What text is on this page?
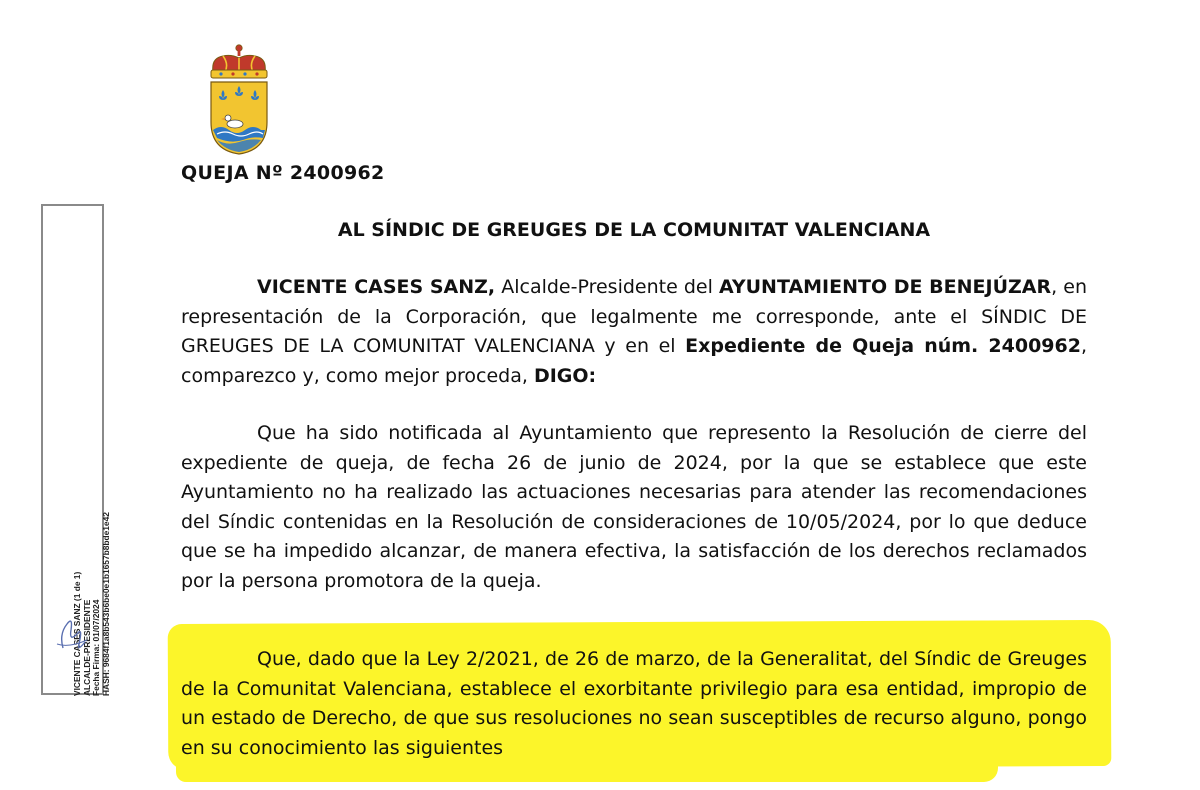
QUEJA Nº 2400962
AL SÍNDIC DE GREUGES DE LA COMUNITAT VALENCIANA
VICENTE CASES SANZ, Alcalde-Presidente del AYUNTAMIENTO DE BENEJÚZAR, en representación de la Corporación, que legalmente me corresponde, ante el SÍNDIC DE GREUGES DE LA COMUNITAT VALENCIANA y en el Expediente de Queja núm. 2400962, comparezco y, como mejor proceda, DIGO:
Que ha sido notificada al Ayuntamiento que represento la Resolución de cierre del expediente de queja, de fecha 26 de junio de 2024, por la que se establece que este Ayuntamiento no ha realizado las actuaciones necesarias para atender las recomendaciones del Síndic contenidas en la Resolución de consideraciones de 10/05/2024, por lo que deduce que se ha impedido alcanzar, de manera efectiva, la satisfacción de los derechos reclamados por la persona promotora de la queja.
Que, dado que la Ley 2/2021, de 26 de marzo, de la Generalitat, del Síndic de Greuges de la Comunitat Valenciana, establece el exorbitante privilegio para esa entidad, impropio de un estado de Derecho, de que sus resoluciones no sean susceptibles de recurso alguno, pongo en su conocimiento las siguientes
VICENTE CASES SANZ (1 de 1) ALCALDE-PRESIDENTE Fecha Firma: 01/07/2024 HASH: 9684f1a8b543b6be0e1b1657b8bde1e42
